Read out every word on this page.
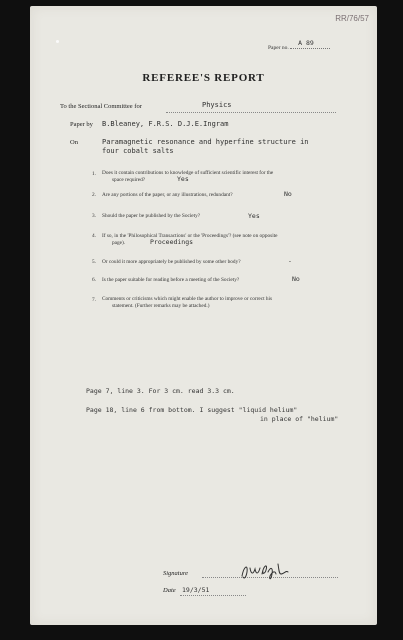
RR/76/57
Paper no.
A 89
REFEREE'S REPORT
To the Sectional Committee for	Physics
Paper by B.Bleaney, F.R.S. D.J.E.Ingram
On	Paramagnetic resonance and hyperfine structure in
four cobalt salts
1. Does it contain contributions to knowledge of sufficient scientific interest for the
space required?	Yes
2. Are any portions of the paper, or any illustrations, redundant?	No
3. Should the paper be published by the Society?	Yes
4. If so, in the 'Philosophical Transactions' or the 'Proceedings'? (see note on opposite
page).	Proceedings
5. Or could it more appropriately be published by some other body?	-
6. Is the paper suitable for reading before a meeting of the Society?	No
7. Comments or criticisms which might enable the author to improve or correct his
statement. (Further remarks may be attached.)
Page 7, line 3. For 3 cm. read 3.3 cm.
Page 18, line 6 from bottom. I suggest "liquid helium"
in place of "helium"
Signature
Date 19/3/51
